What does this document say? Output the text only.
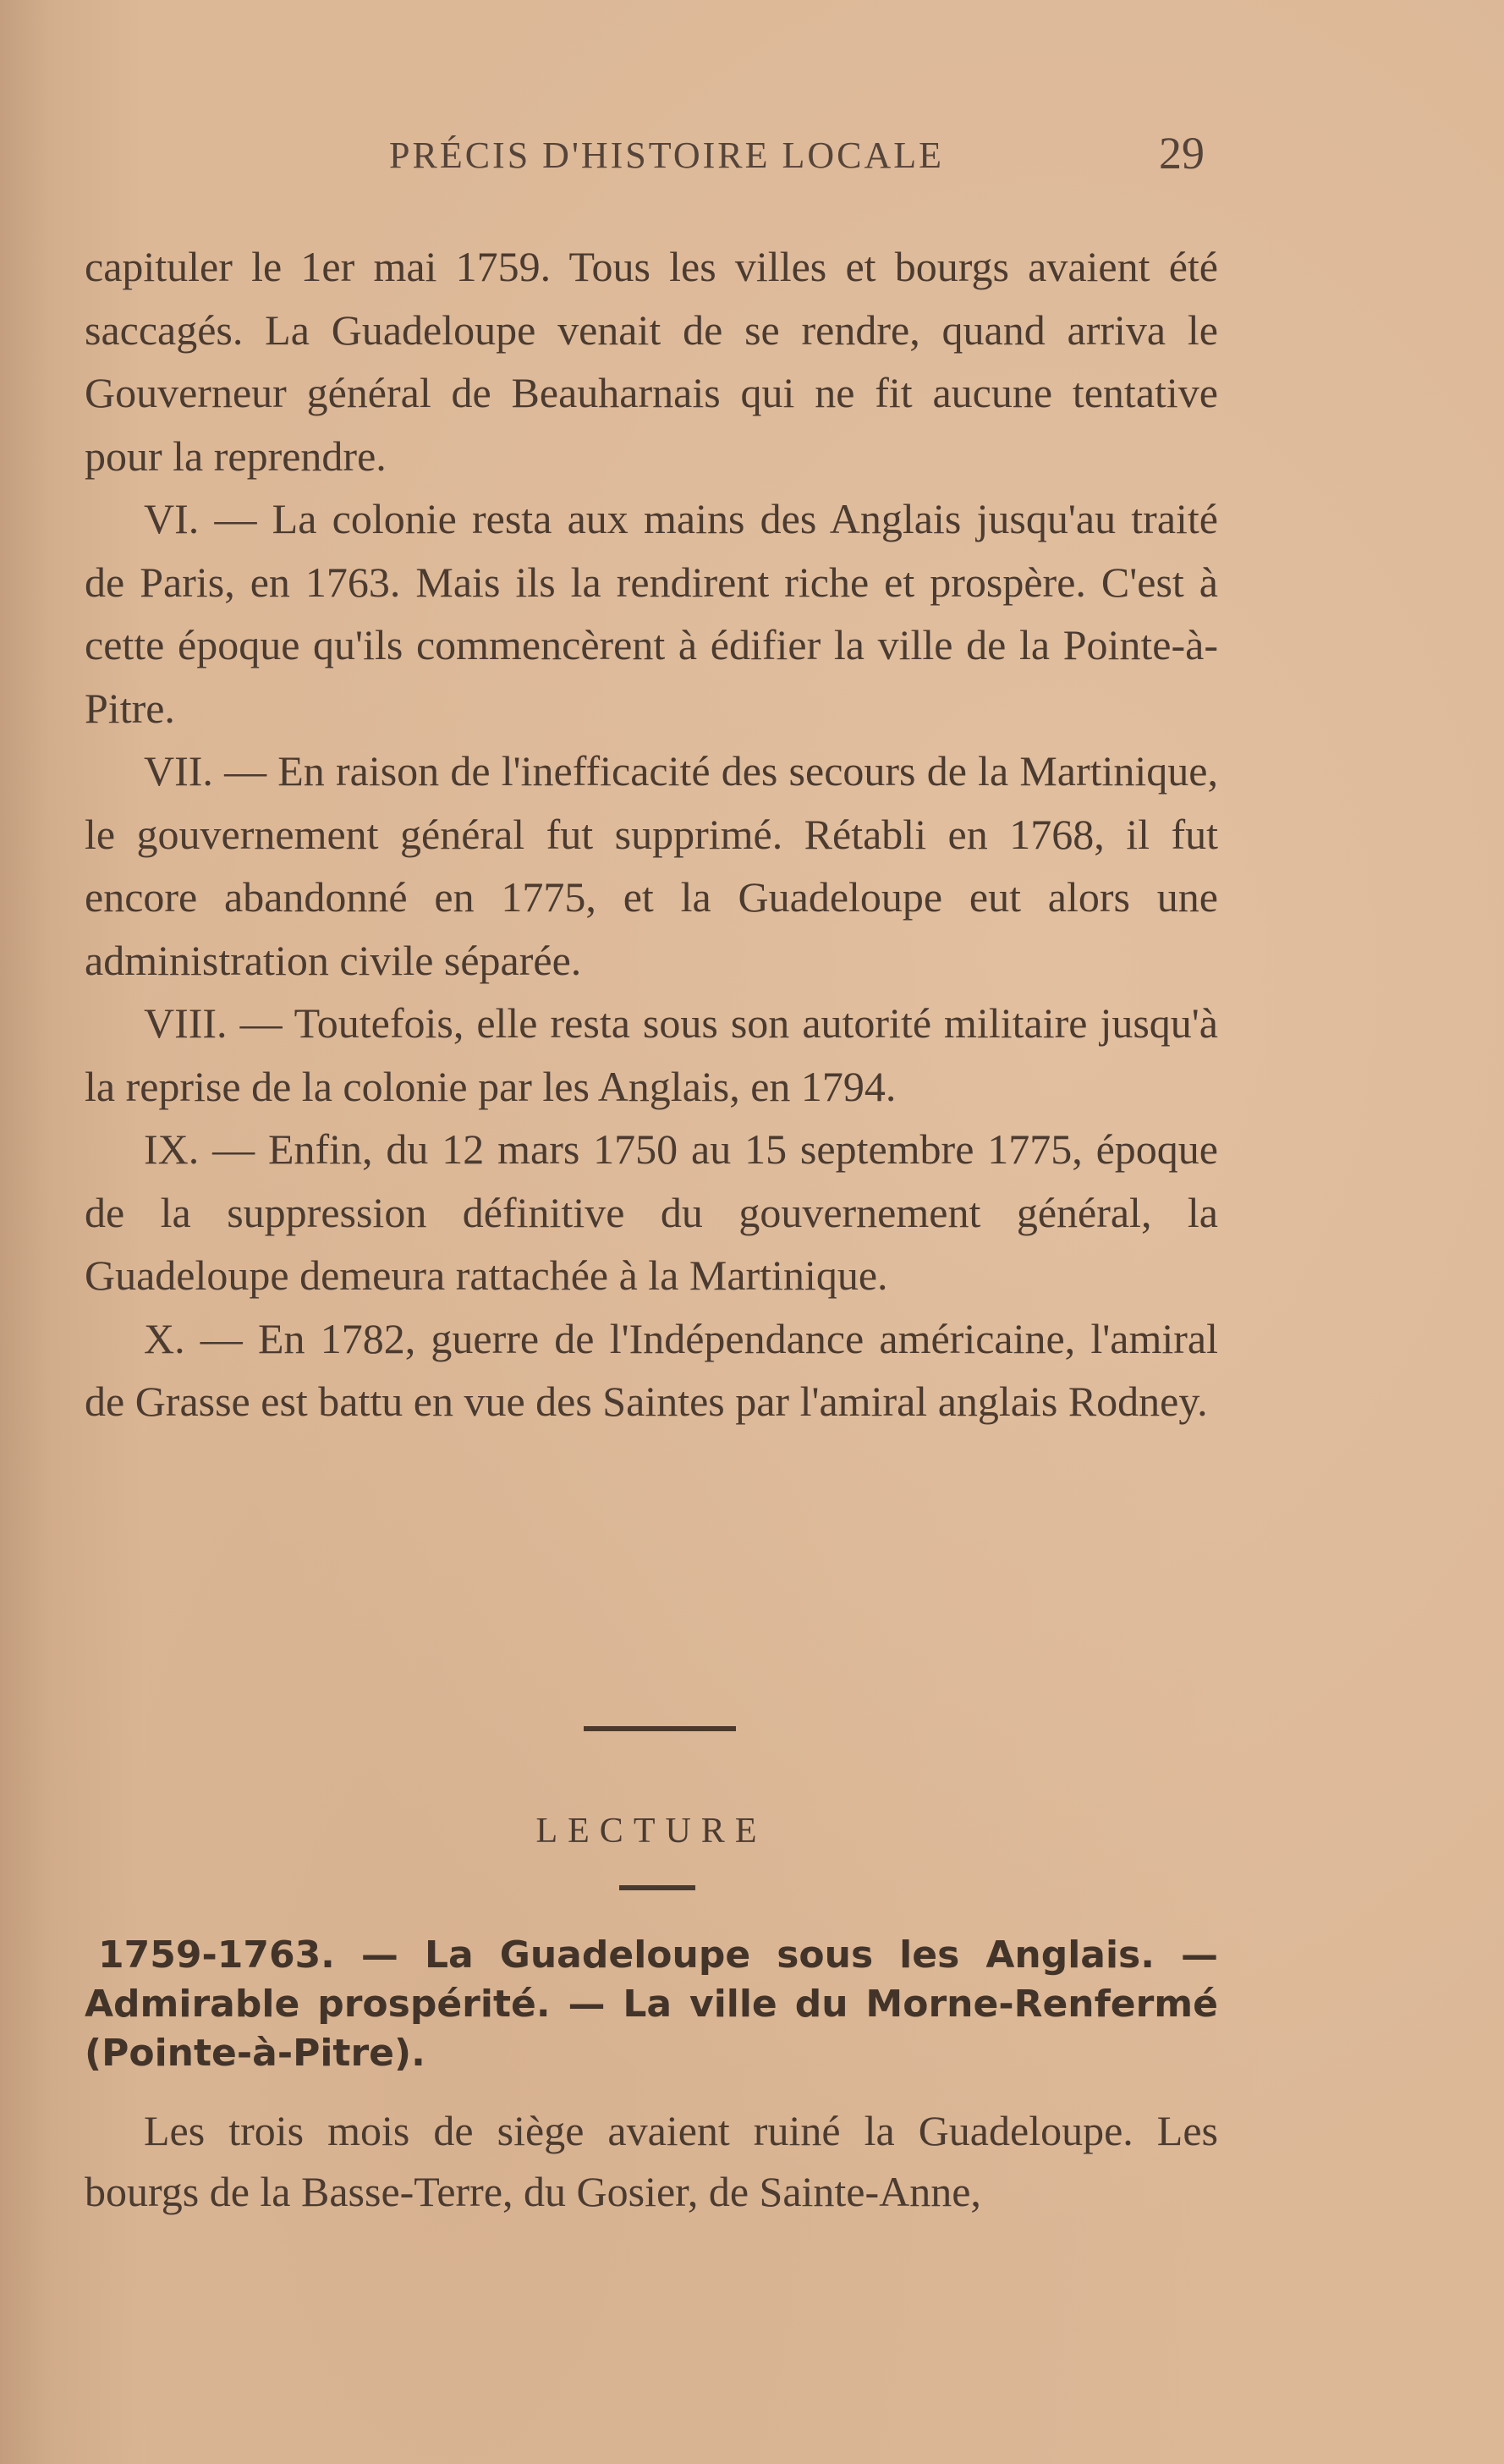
PRÉCIS D'HISTOIRE LOCALE	29

capituler le 1er mai 1759. Tous les villes et bourgs avaient été saccagés. La Guadeloupe venait de se rendre, quand arriva le Gouverneur général de Beauharnais qui ne fit aucune tentative pour la reprendre.

VI. — La colonie resta aux mains des Anglais jusqu'au traité de Paris, en 1763. Mais ils la rendirent riche et prospère. C'est à cette époque qu'ils commencèrent à édifier la ville de la Pointe-à-Pitre.

VII. — En raison de l'inefficacité des secours de la Martinique, le gouvernement général fut supprimé. Rétabli en 1768, il fut encore abandonné en 1775, et la Guadeloupe eut alors une administration civile séparée.

VIII. — Toutefois, elle resta sous son autorité militaire jusqu'à la reprise de la colonie par les Anglais, en 1794.

IX. — Enfin, du 12 mars 1750 au 15 septembre 1775, époque de la suppression définitive du gouvernement général, la Guadeloupe demeura rattachée à la Martinique.

X. — En 1782, guerre de l'Indépendance américaine, l'amiral de Grasse est battu en vue des Saintes par l'amiral anglais Rodney.

LECTURE
1759-1763. — La Guadeloupe sous les Anglais. — Admirable prospérité. — La ville du Morne-Renfermé (Pointe-à-Pitre).

Les trois mois de siège avaient ruiné la Guadeloupe. Les bourgs de la Basse-Terre, du Gosier, de Sainte-Anne,
